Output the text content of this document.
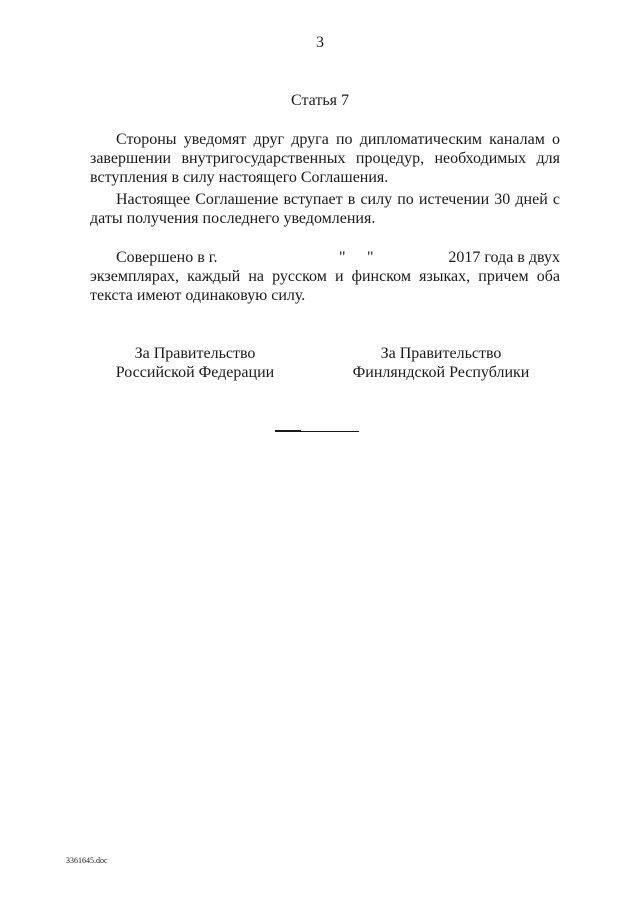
3
Статья 7

Стороны уведомят друг друга по дипломатическим каналам о завершении внутригосударственных процедур, необходимых для вступления в силу настоящего Соглашения.

Настоящее Соглашение вступает в силу по истечении 30 дней с даты получения последнего уведомления.

Совершено в г.	" "	2017 года в двух

экземплярах, каждый на русском и финском языках, причем оба текста имеют одинаковую силу.

За Правительство
Российской Федерации
За Правительство
Финляндской Республики
3361645.doc
